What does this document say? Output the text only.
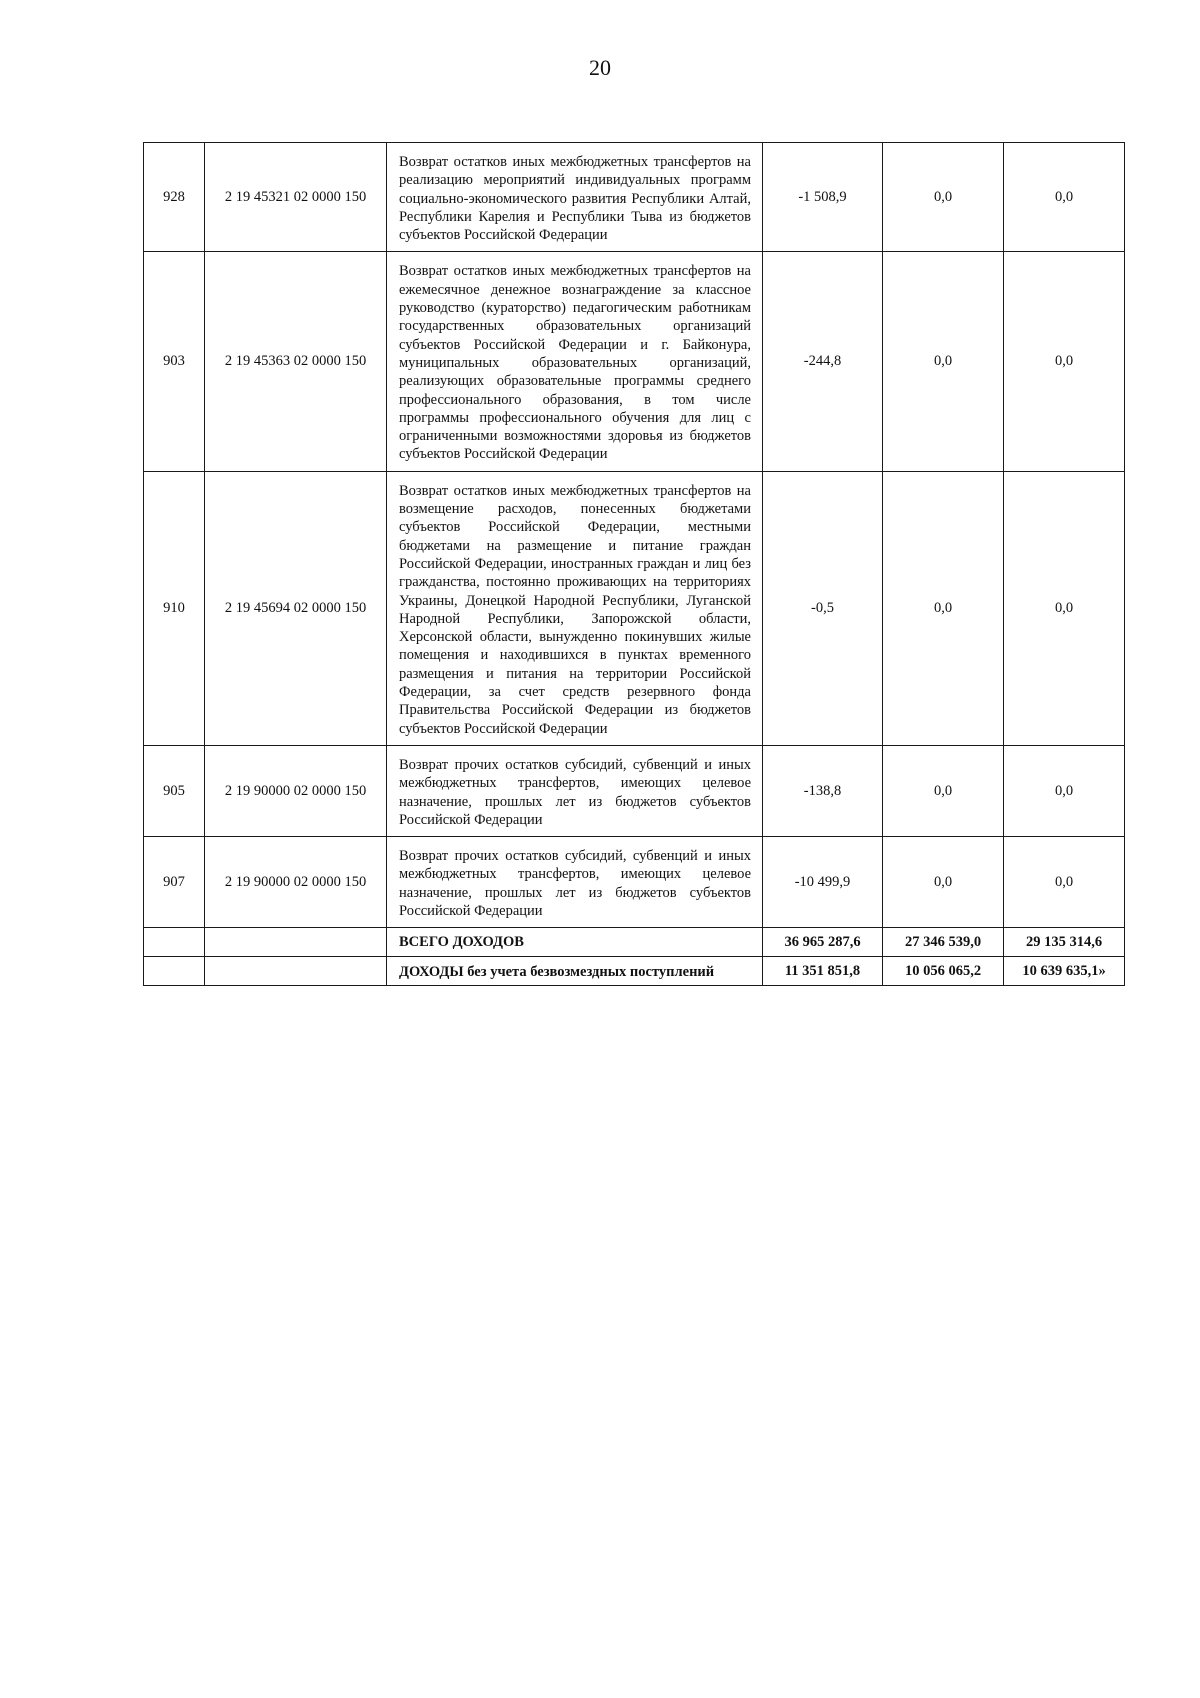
20
928	2 19 45321 02 0000 150	Возврат остатков иных межбюджетных трансфертов на реализацию мероприятий индивидуальных программ социально-экономического развития Республики Алтай, Республики Карелия и Республики Тыва из бюджетов субъектов Российской Федерации	-1 508,9	0,0	0,0
903	2 19 45363 02 0000 150	Возврат остатков иных межбюджетных трансфертов на ежемесячное денежное вознаграждение за классное руководство (кураторство) педагогическим работникам государственных образовательных организаций субъектов Российской Федерации и г. Байконура, муниципальных образовательных организаций, реализующих образовательные программы среднего профессионального образования, в том числе программы профессионального обучения для лиц с ограниченными возможностями здоровья из бюджетов субъектов Российской Федерации	-244,8	0,0	0,0
910	2 19 45694 02 0000 150	Возврат остатков иных межбюджетных трансфертов на возмещение расходов, понесенных бюджетами субъектов Российской Федерации, местными бюджетами на размещение и питание граждан Российской Федерации, иностранных граждан и лиц без гражданства, постоянно проживающих на территориях Украины, Донецкой Народной Республики, Луганской Народной Республики, Запорожской области, Херсонской области, вынужденно покинувших жилые помещения и находившихся в пунктах временного размещения и питания на территории Российской Федерации, за счет средств резервного фонда Правительства Российской Федерации из бюджетов субъектов Российской Федерации	-0,5	0,0	0,0
905	2 19 90000 02 0000 150	Возврат прочих остатков субсидий, субвенций и иных межбюджетных трансфертов, имеющих целевое назначение, прошлых лет из бюджетов субъектов Российской Федерации	-138,8	0,0	0,0
907	2 19 90000 02 0000 150	Возврат прочих остатков субсидий, субвенций и иных межбюджетных трансфертов, имеющих целевое назначение, прошлых лет из бюджетов субъектов Российской Федерации	-10 499,9	0,0	0,0
		ВСЕГО ДОХОДОВ	36 965 287,6	27 346 539,0	29 135 314,6
		ДОХОДЫ без учета безвозмездных поступлений	11 351 851,8	10 056 065,2	10 639 635,1»
